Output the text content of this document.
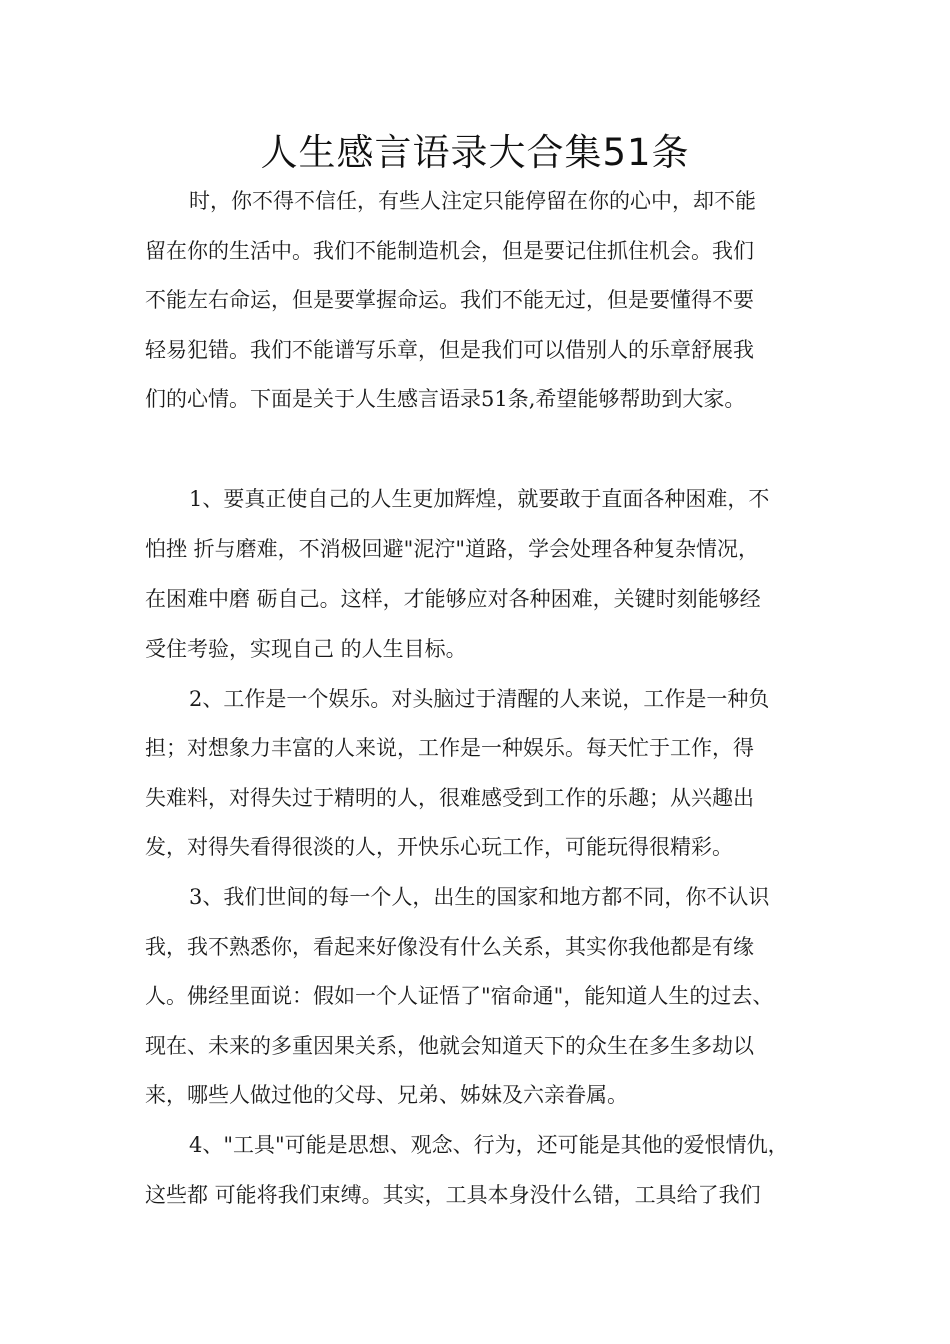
人生感言语录大合集51条

时，你不得不信任，有些人注定只能停留在你的心中，却不能

留在你的生活中。我们不能制造机会，但是要记住抓住机会。我们

不能左右命运，但是要掌握命运。我们不能无过，但是要懂得不要

轻易犯错。我们不能谱写乐章，但是我们可以借别人的乐章舒展我

们的心情。下面是关于人生感言语录51条,希望能够帮助到大家。

1、要真正使自己的人生更加辉煌，就要敢于直面各种困难，不

怕挫 折与磨难，不消极回避"泥泞"道路，学会处理各种复杂情况，

在困难中磨 砺自己。这样，才能够应对各种困难，关键时刻能够经

受住考验，实现自己 的人生目标。

2、工作是一个娱乐。对头脑过于清醒的人来说，工作是一种负

担；对想象力丰富的人来说，工作是一种娱乐。每天忙于工作，得

失难料，对得失过于精明的人，很难感受到工作的乐趣；从兴趣出

发，对得失看得很淡的人，开快乐心玩工作，可能玩得很精彩。

3、我们世间的每一个人，出生的国家和地方都不同，你不认识

我，我不熟悉你，看起来好像没有什么关系，其实你我他都是有缘

人。佛经里面说：假如一个人证悟了"宿命通"，能知道人生的过去、

现在、未来的多重因果关系，他就会知道天下的众生在多生多劫以

来，哪些人做过他的父母、兄弟、姊妹及六亲眷属。

4、"工具"可能是思想、观念、行为，还可能是其他的爱恨情仇，

这些都 可能将我们束缚。其实，工具本身没什么错，工具给了我们
